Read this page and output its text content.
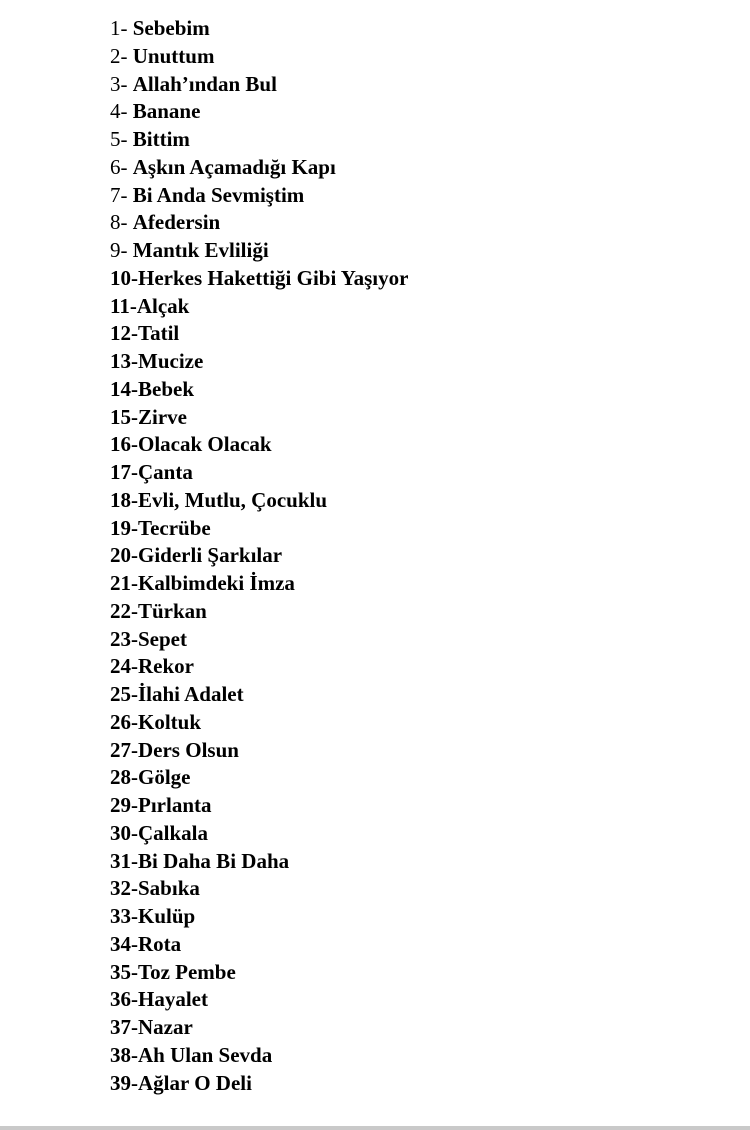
1- Sebebim
2- Unuttum
3- Allah’ından Bul
4- Banane
5- Bittim
6- Aşkın Açamadığı Kapı
7- Bi Anda Sevmiştim
8- Afedersin
9- Mantık Evliliği
10-Herkes Hakettiği Gibi Yaşıyor
11-Alçak
12-Tatil
13-Mucize
14-Bebek
15-Zirve
16-Olacak Olacak
17-Çanta
18-Evli, Mutlu, Çocuklu
19-Tecrübe
20-Giderli Şarkılar
21-Kalbimdeki İmza
22-Türkan
23-Sepet
24-Rekor
25-İlahi Adalet
26-Koltuk
27-Ders Olsun
28-Gölge
29-Pırlanta
30-Çalkala
31-Bi Daha Bi Daha
32-Sabıka
33-Kulüp
34-Rota
35-Toz Pembe
36-Hayalet
37-Nazar
38-Ah Ulan Sevda
39-Ağlar O Deli
